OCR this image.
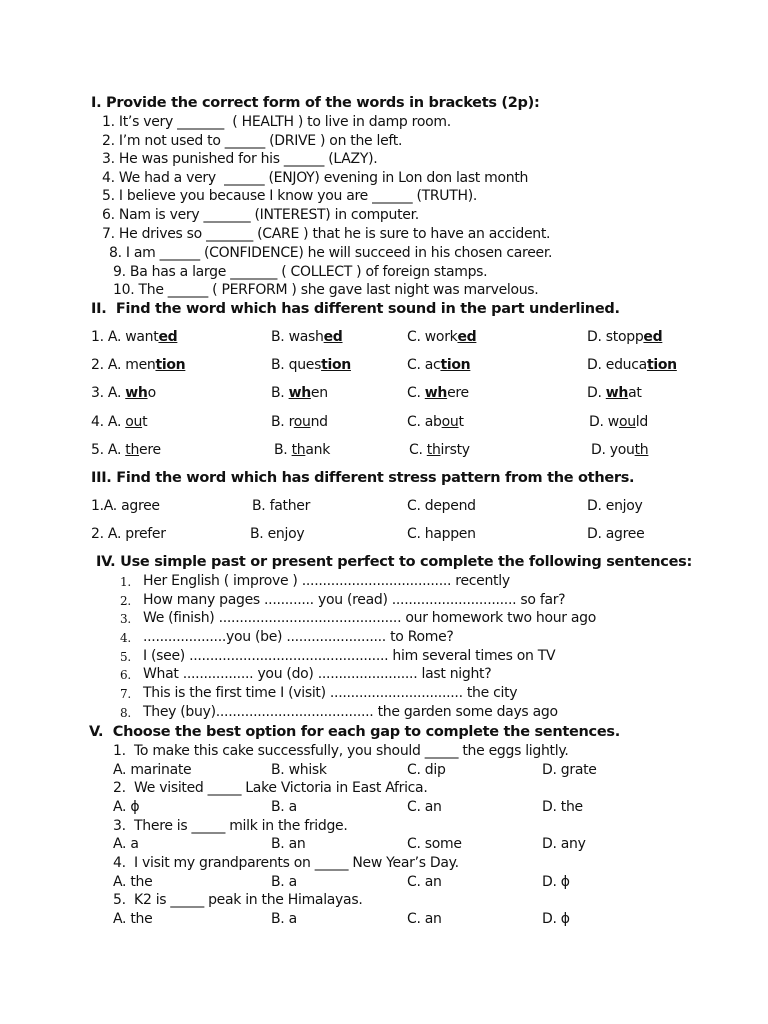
I. Provide the correct form of the words in brackets (2p):
1. It’s very _______  ( HEALTH ) to live in damp room.
2. I’m not used to ______ (DRIVE ) on the left.
3. He was punished for his ______ (LAZY).
4. We had a very  ______ (ENJOY) evening in Lon don last month
5. I believe you because I know you are ______ (TRUTH).
6. Nam is very _______ (INTEREST) in computer.
7. He drives so _______ (CARE ) that he is sure to have an accident.
8. I am ______ (CONFIDENCE) he will succeed in his chosen career.
9. Ba has a large _______ ( COLLECT ) of foreign stamps.
10. The ______ ( PERFORM ) she gave last night was marvelous.
II.  Find the word which has different sound in the part underlined.
1. A. wanted	B. washed	C. worked	D. stopped
2. A. mention	B. question	C. action	D. education
3. A. who	B. when	C. where	D. what
4. A. out	B. round	C. about	D. would
5. A. there	B. thank	C. thirsty	D. youth
III. Find the word which has different stress pattern from the others.
1.A. agree	B. father	C. depend	D. enjoy
2. A. prefer	B. enjoy	C. happen	D. agree
IV. Use simple past or present perfect to complete the following sentences:
1. Her English ( improve ) .................................... recently
2. How many pages ............ you (read) .............................. so far?
3. We (finish) ............................................ our homework two hour ago
4. ....................you (be) ........................ to Rome?
5. I (see) ................................................ him several times on TV
6. What ................. you (do) ........................ last night?
7. This is the first time I (visit) ................................ the city
8. They (buy)...................................... the garden some days ago
V.  Choose the best option for each gap to complete the sentences.
1.  To make this cake successfully, you should _____ the eggs lightly.
A. marinate	B. whisk	C. dip	D. grate
2.  We visited _____ Lake Victoria in East Africa.
A. ϕ	B. a	C. an	D. the
3.  There is _____ milk in the fridge.
A. a	B. an	C. some	D. any
4.  I visit my grandparents on _____ New Year’s Day.
A. the	B. a	C. an	D. ϕ
5.  K2 is _____ peak in the Himalayas.
A. the	B. a	C. an	D. ϕ
